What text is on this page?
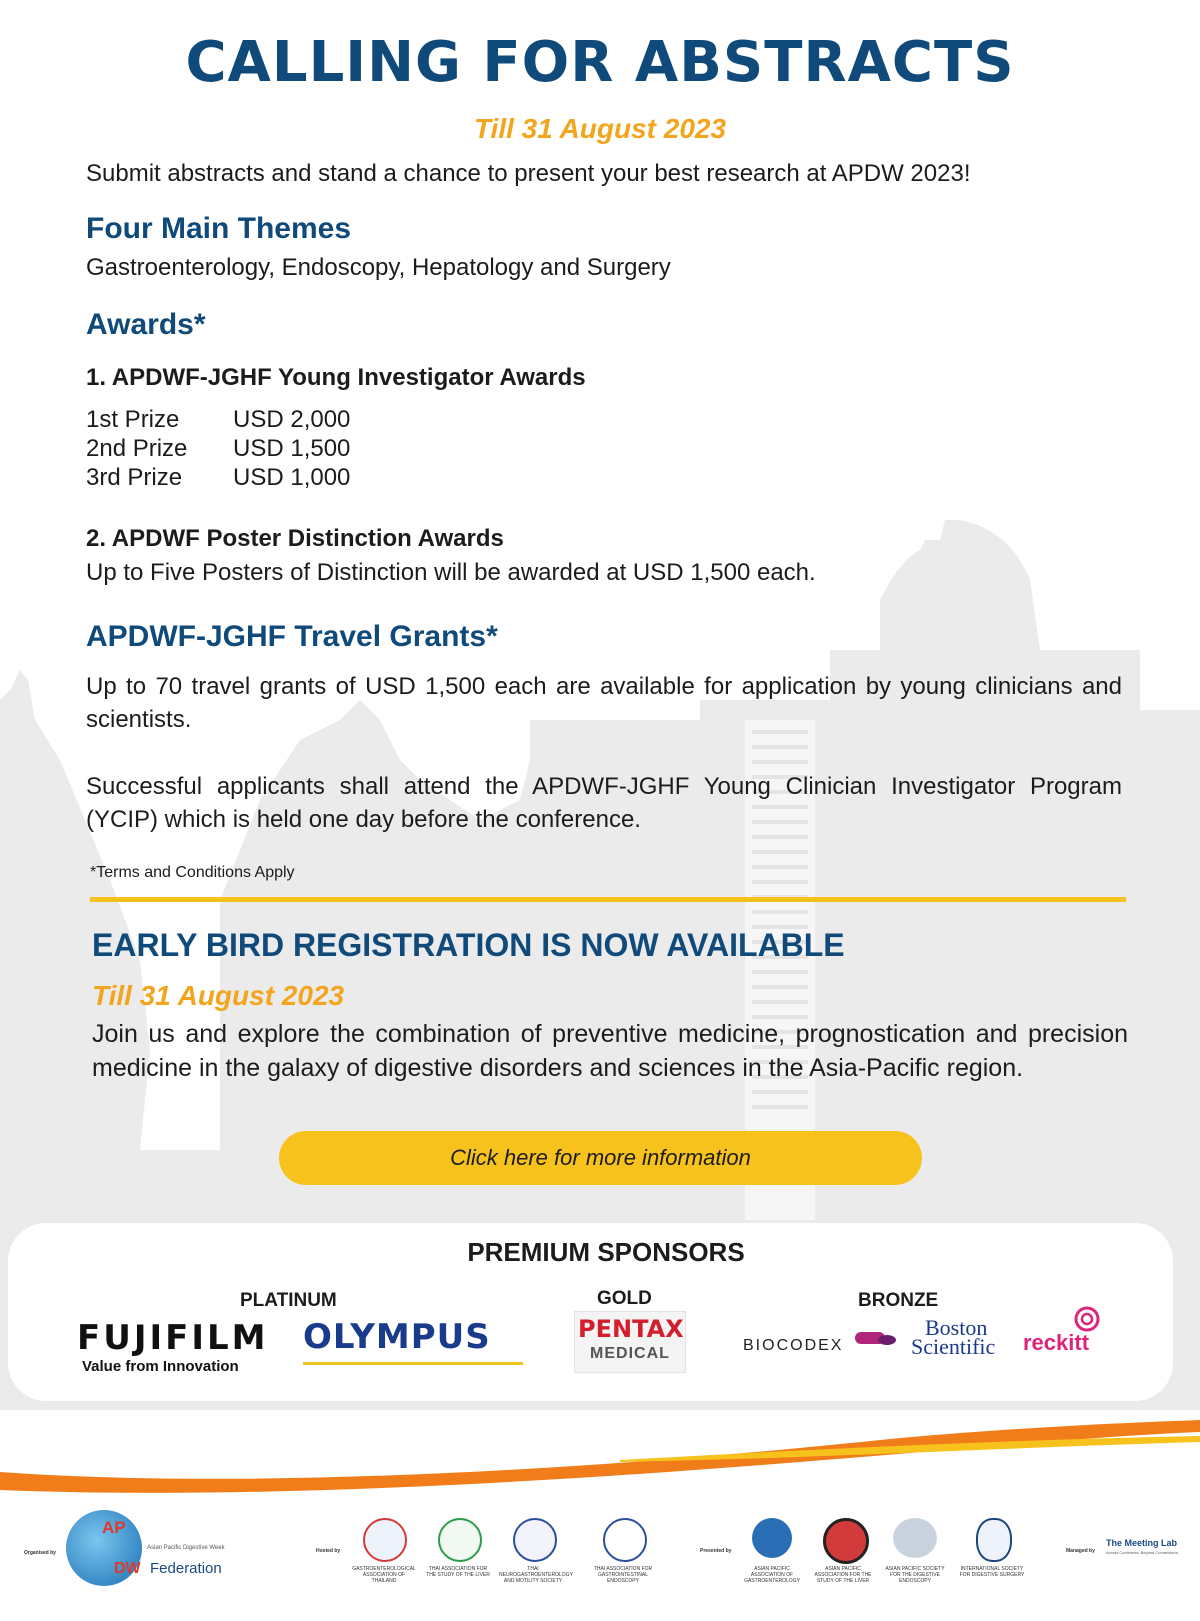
CALLING FOR ABSTRACTS
Till 31 August 2023
Submit abstracts and stand a chance to present your best research at APDW 2023!
Four Main Themes
Gastroenterology, Endoscopy, Hepatology and Surgery
Awards*
1. APDWF-JGHF Young Investigator Awards
1st Prize USD 2,000
2nd Prize USD 1,500
3rd Prize USD 1,000
2. APDWF Poster Distinction Awards
Up to Five Posters of Distinction will be awarded at USD 1,500 each.
APDWF-JGHF Travel Grants*
Up to 70 travel grants of USD 1,500 each are available for application by young clinicians and scientists.
Successful applicants shall attend the APDWF-JGHF Young Clinician Investigator Program (YCIP) which is held one day before the conference.
*Terms and Conditions Apply
EARLY BIRD REGISTRATION IS NOW AVAILABLE
Till 31 August 2023
Join us and explore the combination of preventive medicine, prognostication and precision medicine in the galaxy of digestive disorders and sciences in the Asia-Pacific region.
Click here for more information
PREMIUM SPONSORS
PLATINUM	GOLD	BRONZE
FUJIFILM
Value from Innovation
OLYMPUS	PENTAX
MEDICAL	BIOCODEX
Boston
Scientific reckitt
Organised by
AP
DW Federation
Asian Pacific Digestive Week	Hosted by
GASTROENTEROLOGICAL ASSOCIATION OF THAILAND
THAI ASSOCIATION FOR THE STUDY OF THE LIVER
THAI NEUROGASTROENTEROLOGY AND MOTILITY SOCIETY
THAI ASSOCIATION FOR GASTROINTESTINAL ENDOSCOPY
Presented by
ASIAN PACIFIC ASSOCIATION OF GASTROENTEROLOGY
ASIAN PACIFIC ASSOCIATION FOR THE STUDY OF THE LIVER
ASIAN PACIFIC SOCIETY FOR THE DIGESTIVE ENDOSCOPY
INTERNATIONAL SOCIETY FOR DIGESTIVE SURGERY
Managed by
The Meeting Lab
Across Continents, Beyond Connections.
